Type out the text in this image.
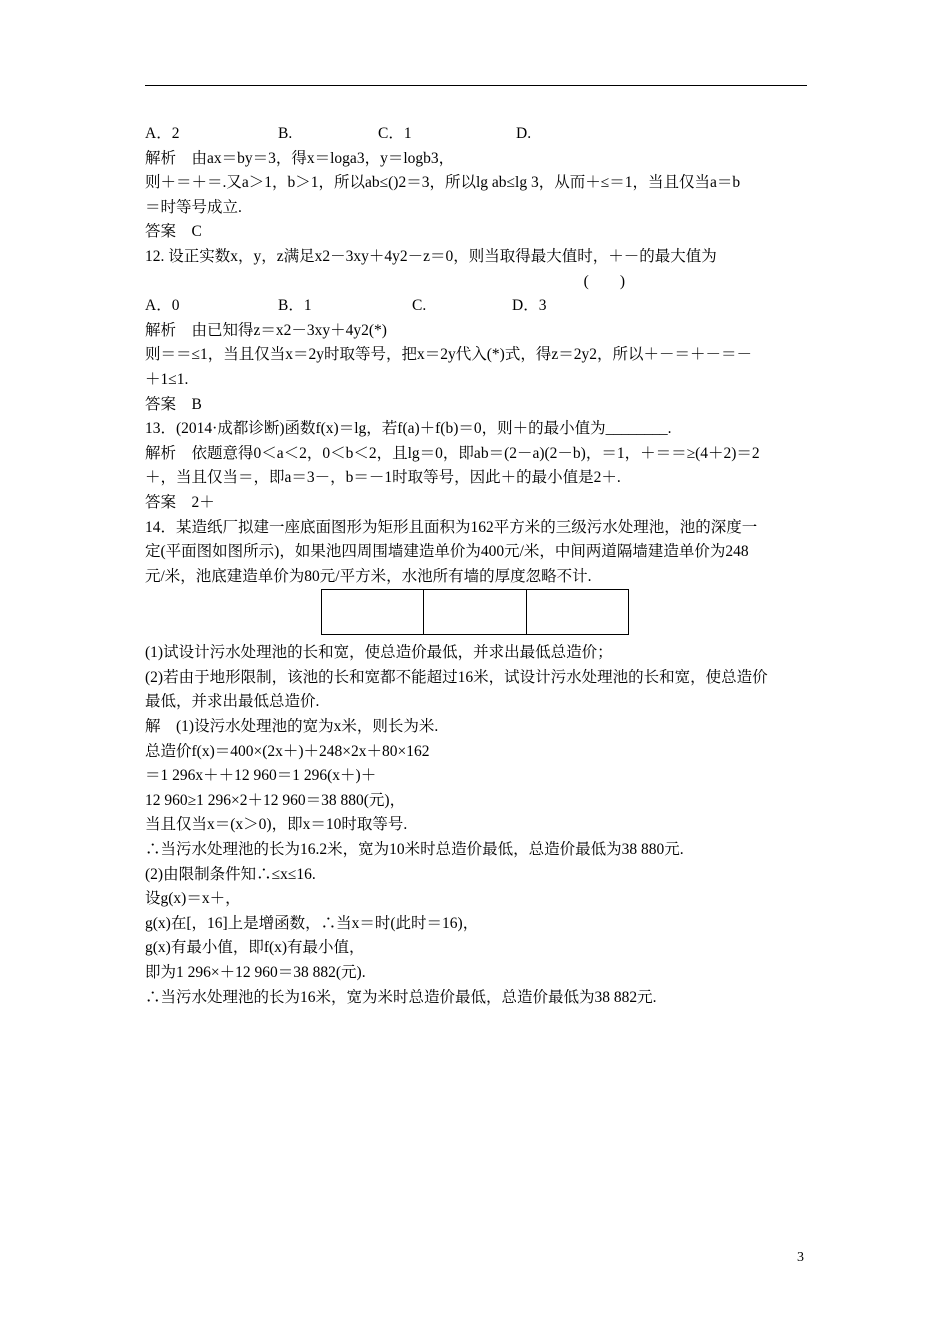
A．2	B.	C．1	D.
解析　由ax＝by＝3，得x＝loga3，y＝logb3，
则＋＝＋＝.又a＞1，b＞1，所以ab≤()2＝3，所以lg ab≤lg 3，从而＋≤＝1，当且仅当a＝b
＝时等号成立.
答案　C
12. 设正实数x，y，z满足x2－3xy＋4y2－z＝0，则当取得最大值时，＋－的最大值为
(　　)
A．0	B．1	C.	D．3
解析　由已知得z＝x2－3xy＋4y2(*)
则＝＝≤1，当且仅当x＝2y时取等号，把x＝2y代入(*)式，得z＝2y2，所以＋－＝＋－＝－
＋1≤1.
答案　B
13．(2014·成都诊断)函数f(x)＝lg，若f(a)＋f(b)＝0，则＋的最小值为________.
解析　依题意得0＜a＜2，0＜b＜2，且lg＝0，即ab＝(2－a)(2－b)，＝1，＋＝＝≥(4＋2)＝2
＋，当且仅当＝，即a＝3－，b＝－1时取等号，因此＋的最小值是2＋.
答案　2＋
14．某造纸厂拟建一座底面图形为矩形且面积为162平方米的三级污水处理池，池的深度一
定(平面图如图所示)，如果池四周围墙建造单价为400元/米，中间两道隔墙建造单价为248
元/米，池底建造单价为80元/平方米，水池所有墙的厚度忽略不计.
(1)试设计污水处理池的长和宽，使总造价最低，并求出最低总造价；
(2)若由于地形限制，该池的长和宽都不能超过16米，试设计污水处理池的长和宽，使总造价
最低，并求出最低总造价.
解　(1)设污水处理池的宽为x米，则长为米.
总造价f(x)＝400×(2x＋)＋248×2x＋80×162
＝1 296x＋＋12 960＝1 296(x＋)＋
12 960≥1 296×2＋12 960＝38 880(元)，
当且仅当x＝(x＞0)，即x＝10时取等号.
∴当污水处理池的长为16.2米，宽为10米时总造价最低，总造价最低为38 880元.
(2)由限制条件知∴≤x≤16.
设g(x)＝x＋，
g(x)在[，16]上是增函数，∴当x＝时(此时＝16)，
g(x)有最小值，即f(x)有最小值，
即为1 296×＋12 960＝38 882(元).
∴当污水处理池的长为16米，宽为米时总造价最低，总造价最低为38 882元.
3
